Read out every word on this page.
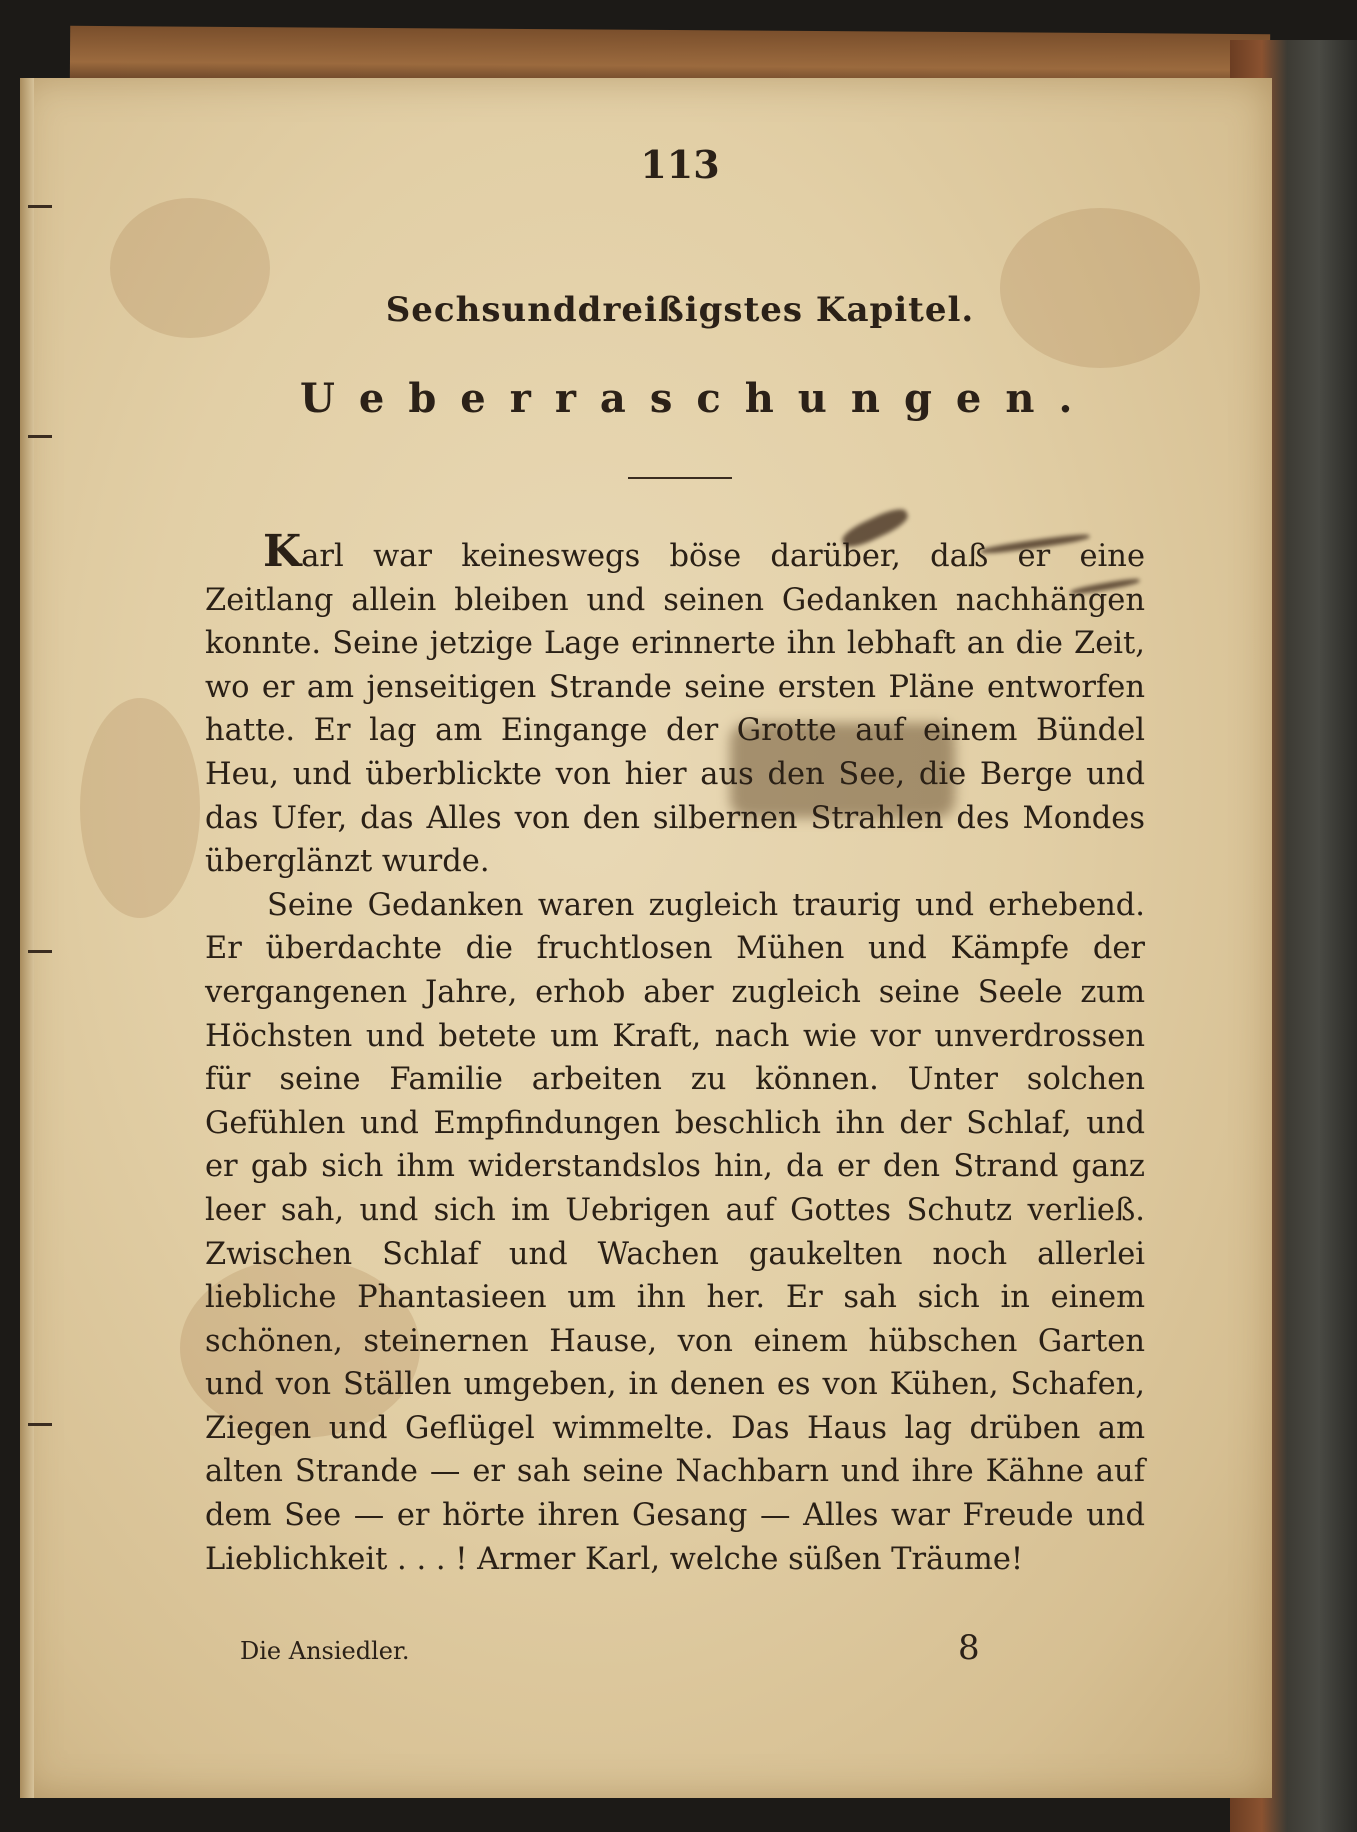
113
Sechsunddreißigstes Kapitel.
Ueberraschungen.

Karl war keineswegs böse darüber, daß er eine Zeitlang allein bleiben und seinen Gedanken nachhängen konnte. Seine jetzige Lage erinnerte ihn lebhaft an die Zeit, wo er am jenseitigen Strande seine ersten Pläne entworfen hatte. Er lag am Eingange der Grotte auf einem Bündel Heu, und überblickte von hier aus den See, die Berge und das Ufer, das Alles von den silbernen Strahlen des Mondes überglänzt wurde.

Seine Gedanken waren zugleich traurig und erhebend. Er überdachte die fruchtlosen Mühen und Kämpfe der vergangenen Jahre, erhob aber zugleich seine Seele zum Höchsten und betete um Kraft, nach wie vor unverdrossen für seine Familie arbeiten zu können. Unter solchen Gefühlen und Empfindungen beschlich ihn der Schlaf, und er gab sich ihm widerstandslos hin, da er den Strand ganz leer sah, und sich im Uebrigen auf Gottes Schutz verließ. Zwischen Schlaf und Wachen gaukelten noch allerlei liebliche Phantasieen um ihn her. Er sah sich in einem schönen, steinernen Hause, von einem hübschen Garten und von Ställen umgeben, in denen es von Kühen, Schafen, Ziegen und Geflügel wimmelte. Das Haus lag drüben am alten Strande — er sah seine Nachbarn und ihre Kähne auf dem See — er hörte ihren Gesang — Alles war Freude und Lieblichkeit . . . ! Armer Karl, welche süßen Träume!

Die Ansiedler.	8
